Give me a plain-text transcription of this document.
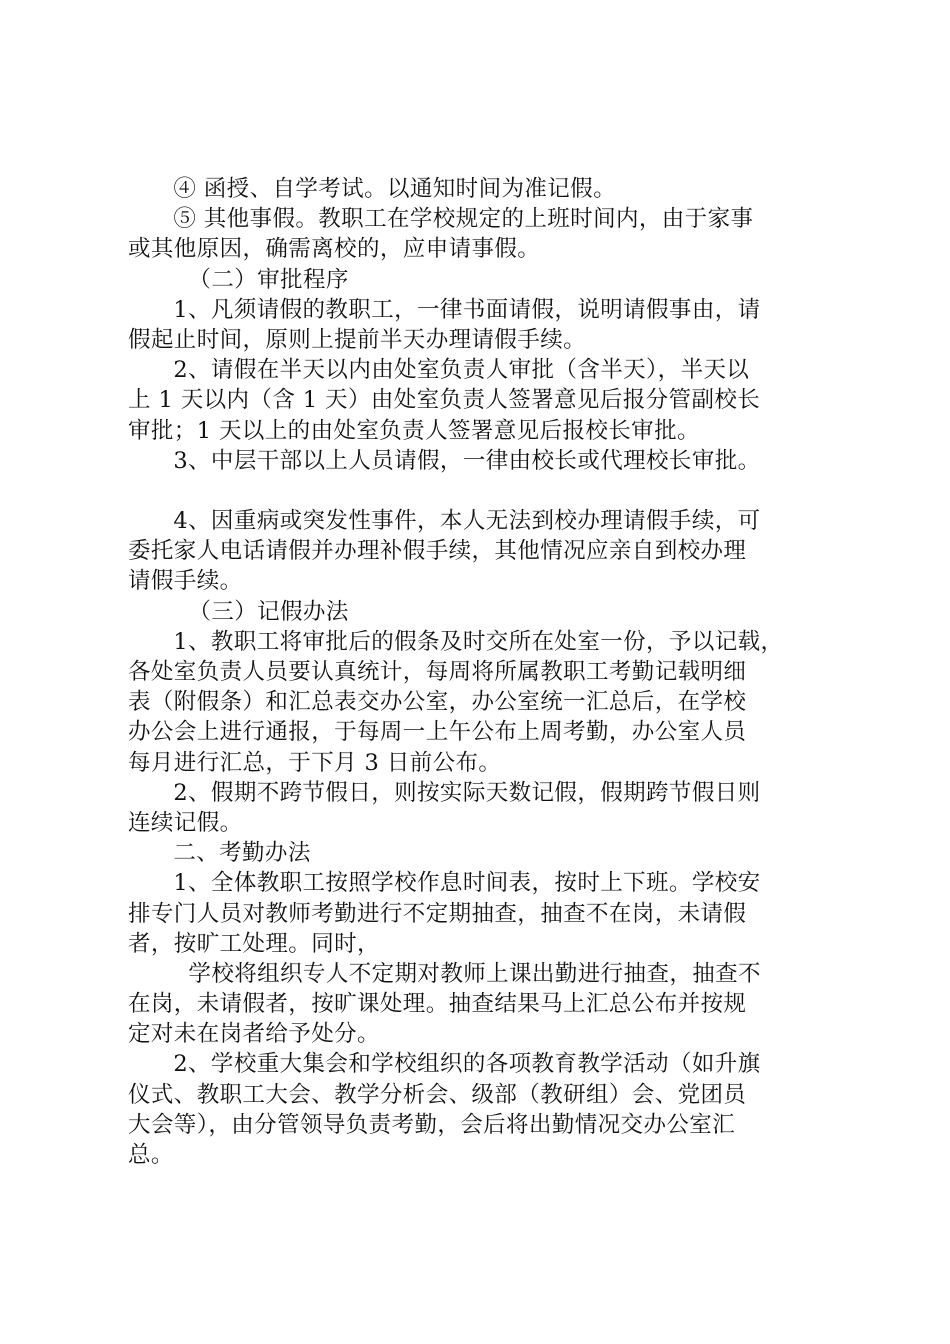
④ 函授、自学考试。以通知时间为准记假。
⑤ 其他事假。教职工在学校规定的上班时间内，由于家事
或其他原因，确需离校的，应申请事假。
（二）审批程序
1、凡须请假的教职工，一律书面请假，说明请假事由，请
假起止时间，原则上提前半天办理请假手续。
2、请假在半天以内由处室负责人审批（含半天），半天以
上 1 天以内（含 1 天）由处室负责人签署意见后报分管副校长
审批；1 天以上的由处室负责人签署意见后报校长审批。
3、中层干部以上人员请假，一律由校长或代理校长审批。
4、因重病或突发性事件，本人无法到校办理请假手续，可
委托家人电话请假并办理补假手续，其他情况应亲自到校办理
请假手续。
（三）记假办法
1、教职工将审批后的假条及时交所在处室一份，予以记载，
各处室负责人员要认真统计，每周将所属教职工考勤记载明细
表（附假条）和汇总表交办公室，办公室统一汇总后，在学校
办公会上进行通报，于每周一上午公布上周考勤，办公室人员
每月进行汇总，于下月 3 日前公布。
2、假期不跨节假日，则按实际天数记假，假期跨节假日则
连续记假。
二、考勤办法
1、全体教职工按照学校作息时间表，按时上下班。学校安
排专门人员对教师考勤进行不定期抽查，抽查不在岗，未请假
者，按旷工处理。同时，
学校将组织专人不定期对教师上课出勤进行抽查，抽查不
在岗，未请假者，按旷课处理。抽查结果马上汇总公布并按规
定对未在岗者给予处分。
2、学校重大集会和学校组织的各项教育教学活动（如升旗
仪式、教职工大会、教学分析会、级部（教研组）会、党团员
大会等），由分管领导负责考勤，会后将出勤情况交办公室汇
总。
